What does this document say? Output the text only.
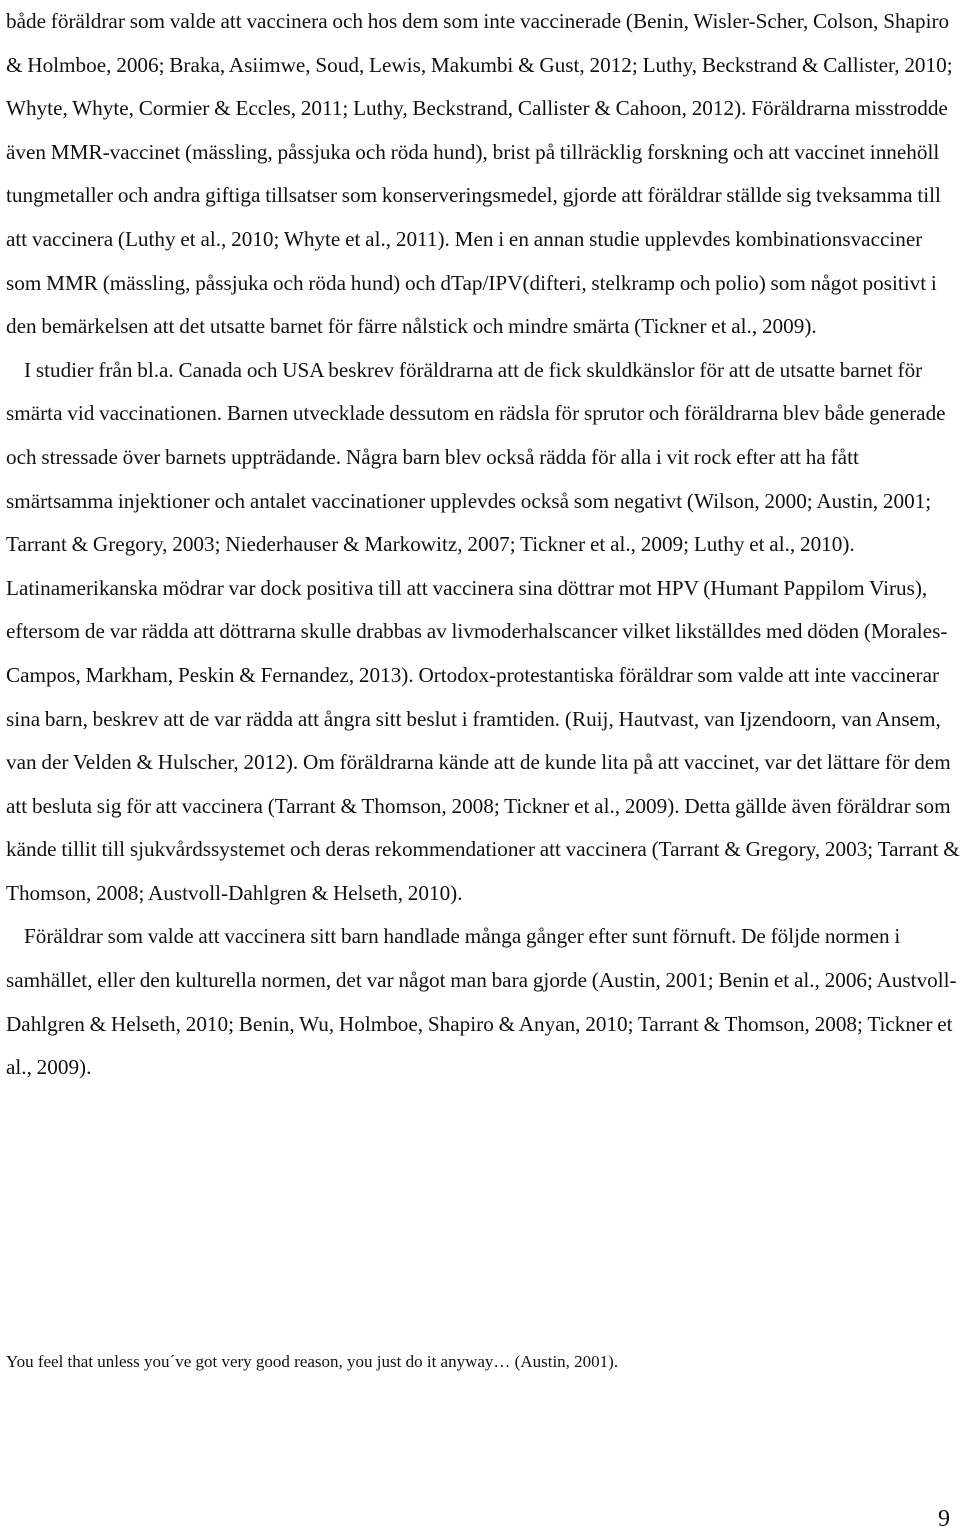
både föräldrar som valde att vaccinera och hos dem som inte vaccinerade (Benin, Wisler-Scher, Colson, Shapiro & Holmboe, 2006; Braka, Asiimwe, Soud, Lewis, Makumbi & Gust, 2012; Luthy, Beckstrand & Callister, 2010; Whyte, Whyte, Cormier & Eccles, 2011; Luthy, Beckstrand, Callister & Cahoon, 2012). Föräldrarna misstrodde även MMR-vaccinet (mässling, påssjuka och röda hund), brist på tillräcklig forskning och att vaccinet innehöll tungmetaller och andra giftiga tillsatser som konserveringsmedel, gjorde att föräldrar ställde sig tveksamma till att vaccinera (Luthy et al., 2010; Whyte et al., 2011). Men i en annan studie upplevdes kombinationsvacciner som MMR (mässling, påssjuka och röda hund) och dTap/IPV(difteri, stelkramp och polio) som något positivt i den bemärkelsen att det utsatte barnet för färre nålstick och mindre smärta (Tickner et al., 2009).

I studier från bl.a. Canada och USA beskrev föräldrarna att de fick skuldkänslor för att de utsatte barnet för smärta vid vaccinationen. Barnen utvecklade dessutom en rädsla för sprutor och föräldrarna blev både generade och stressade över barnets uppträdande. Några barn blev också rädda för alla i vit rock efter att ha fått smärtsamma injektioner och antalet vaccinationer upplevdes också som negativt (Wilson, 2000; Austin, 2001; Tarrant & Gregory, 2003; Niederhauser & Markowitz, 2007; Tickner et al., 2009; Luthy et al., 2010). Latinamerikanska mödrar var dock positiva till att vaccinera sina döttrar mot HPV (Humant Pappilom Virus), eftersom de var rädda att döttrarna skulle drabbas av livmoderhalscancer vilket likställdes med döden (Morales-Campos, Markham, Peskin & Fernandez, 2013). Ortodox-protestantiska föräldrar som valde att inte vaccinerar sina barn, beskrev att de var rädda att ångra sitt beslut i framtiden. (Ruij, Hautvast, van Ijzendoorn, van Ansem, van der Velden & Hulscher, 2012). Om föräldrarna kände att de kunde lita på att vaccinet, var det lättare för dem att besluta sig för att vaccinera (Tarrant & Thomson, 2008; Tickner et al., 2009). Detta gällde även föräldrar som kände tillit till sjukvårdssystemet och deras rekommendationer att vaccinera (Tarrant & Gregory, 2003; Tarrant & Thomson, 2008; Austvoll-Dahlgren & Helseth, 2010).

Föräldrar som valde att vaccinera sitt barn handlade många gånger efter sunt förnuft. De följde normen i samhället, eller den kulturella normen, det var något man bara gjorde (Austin, 2001; Benin et al., 2006; Austvoll-Dahlgren & Helseth, 2010; Benin, Wu, Holmboe, Shapiro & Anyan, 2010; Tarrant & Thomson, 2008; Tickner et al., 2009).

You feel that unless you´ve got very good reason, you just do it anyway… (Austin, 2001).
9
